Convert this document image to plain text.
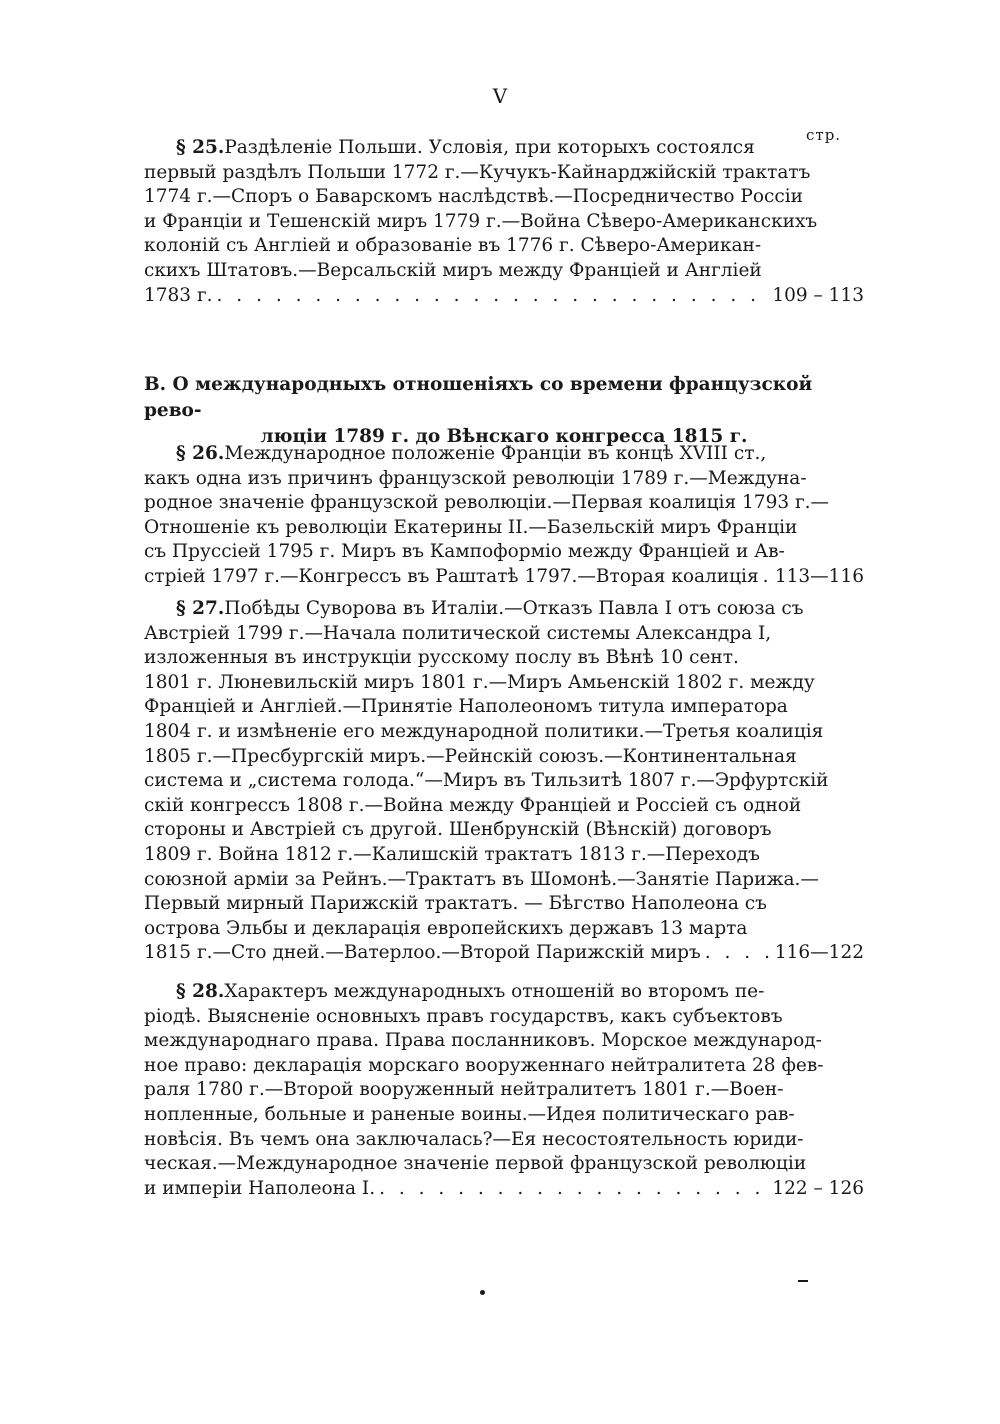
V
стр.
§ 25. Раздѣленіе Польши. Условія, при которыхъ состоялся
первый раздѣлъ Польши 1772 г.—Кучукъ-Кайнарджійскій трактатъ
1774 г.—Споръ о Баварскомъ наслѣдствѣ.—Посредничество Россіи
и Франціи и Тешенскій миръ 1779 г.—Война Сѣверо-Американскихъ
колоній съ Англіей и образованіе въ 1776 г. Сѣверо-Американ-
скихъ Штатовъ.—Версальскій миръ между Франціей и Англіей
1783 г. . . .	109 – 113
В. О международныхъ отношеніяхъ со времени французской рево-
люціи 1789 г. до Вѣнскаго конгресса 1815 г.
§ 26. Международное положеніе Франціи въ концѣ XVIII ст.,
какъ одна изъ причинъ французской революціи 1789 г.—Междуна-
родное значеніе французской революціи.—Первая коалиція 1793 г.—
Отношеніе къ революціи Екатерины II.—Базельскій миръ Франціи
съ Пруссіей 1795 г. Миръ въ Кампоформіо между Франціей и Ав-
стріей 1797 г.—Конгрессъ въ Раштатѣ 1797.—Вторая коалиція . . . 113—116
§ 27. Побѣды Суворова въ Италіи.—Отказъ Павла I отъ союза съ
Австріей 1799 г.—Начала политической системы Александра I,
изложенныя въ инструкціи русскому послу въ Вѣнѣ 10 сент.
1801 г. Люневильскій миръ 1801 г.—Миръ Амьенскій 1802 г. между
Франціей и Англіей.—Принятіе Наполеономъ титула императора
1804 г. и измѣненіе его международной политики.—Третья коалиція
1805 г.—Пресбургскій миръ.—Рейнскій союзъ.—Континентальная
система и „система голода.“—Миръ въ Тильзитѣ 1807 г.—Эрфуртскій
скій конгрессъ 1808 г.—Война между Франціей и Россіей съ одной
стороны и Австріей съ другой. Шенбрунскій (Вѣнскій) договоръ
1809 г. Война 1812 г.—Калишскій трактатъ 1813 г.—Переходъ
союзной арміи за Рейнъ.—Трактатъ въ Шомонѣ.—Занятіе Парижа.—
Первый мирный Парижскій трактатъ. — Бѣгство Наполеона съ
острова Эльбы и декларація европейскихъ державъ 13 марта
1815 г.—Сто дней.—Ватерлоо.—Второй Парижскій миръ . . .	116—122
§ 28. Характеръ международныхъ отношеній во второмъ пе-
ріодѣ. Выясненіе основныхъ правъ государствъ, какъ субъектовъ
международнаго права. Права посланниковъ. Морское международ-
ное право: декларація морскаго вооруженнаго нейтралитета 28 фев-
раля 1780 г.—Второй вооруженный нейтралитетъ 1801 г.—Воен-
нопленные, больные и раненые воины.—Идея политическаго рав-
новѣсія. Въ чемъ она заключалась?—Ея несостоятельность юриди-
ческая.—Международное значеніе первой французской революціи
и имперіи Наполеона I. . . .	122 – 126
